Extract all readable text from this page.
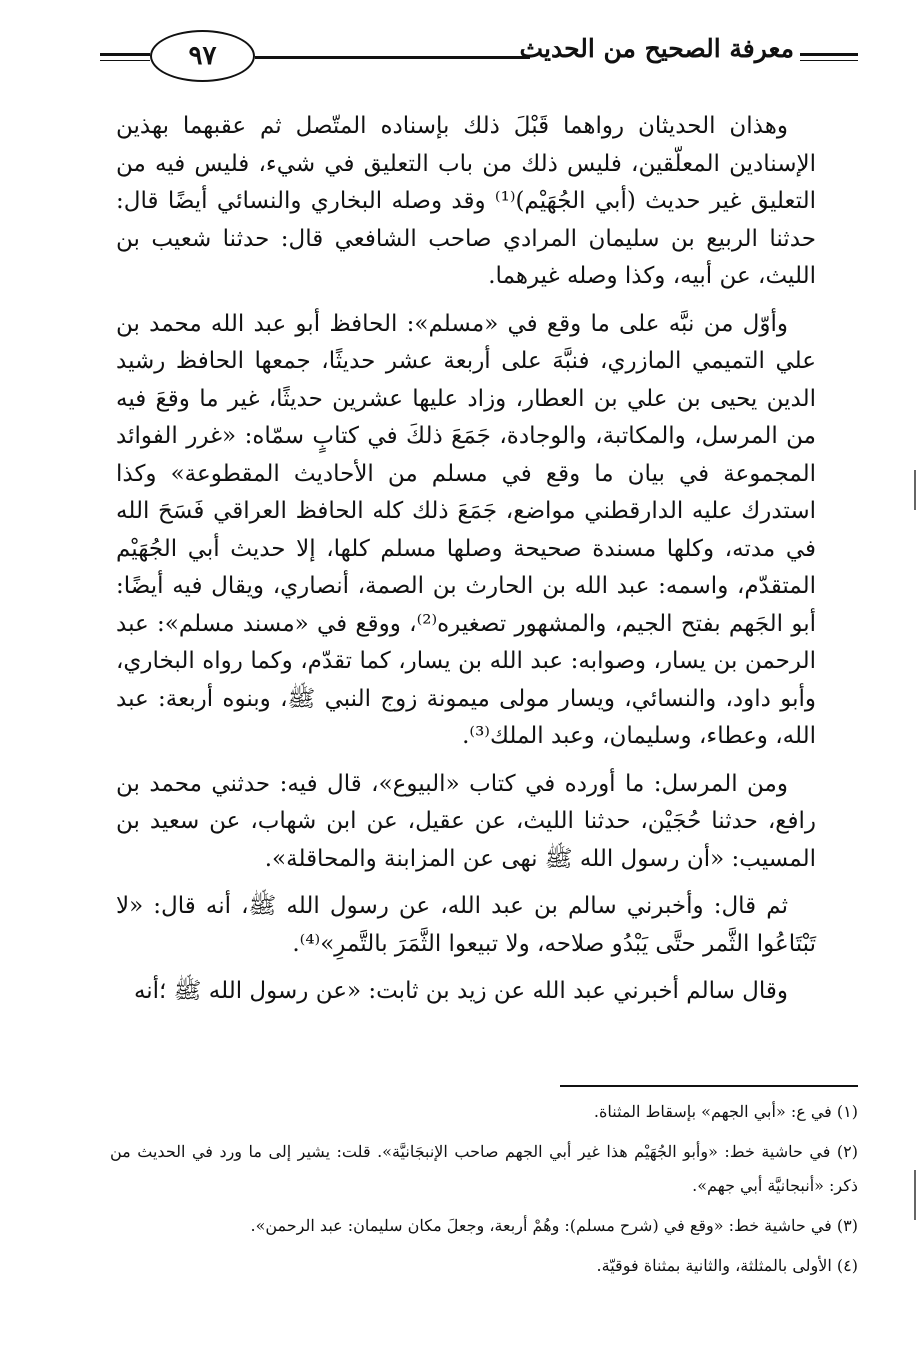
٩٧	معرفة الصحيح من الحديث

وهذان الحديثان رواهما قَبْلَ ذلك بإسناده المتّصل ثم عقبهما بهذين الإسنادين المعلّقين، فليس ذلك من باب التعليق في شيء، فليس فيه من التعليق غير حديث (أبي الجُهَيْم)⁽¹⁾ وقد وصله البخاري والنسائي أيضًا قال: حدثنا الربيع بن سليمان المرادي صاحب الشافعي قال: حدثنا شعيب بن الليث، عن أبيه، وكذا وصله غيرهما.

وأوّل من نبَّه على ما وقع في «مسلم»: الحافظ أبو عبد الله محمد بن علي التميمي المازري، فنبَّهَ على أربعة عشر حديثًا، جمعها الحافظ رشيد الدين يحيى بن علي بن العطار، وزاد عليها عشرين حديثًا، غير ما وقعَ فيه من المرسل، والمكاتبة، والوجادة، جَمَعَ ذلكَ في كتابٍ سمّاه: «غرر الفوائد المجموعة في بيان ما وقع في مسلم من الأحاديث المقطوعة» وكذا استدرك عليه الدارقطني مواضع، جَمَعَ ذلك كله الحافظ العراقي فَسَحَ الله في مدته، وكلها مسندة صحيحة وصلها مسلم كلها، إلا حديث أبي الجُهَيْم المتقدّم، واسمه: عبد الله بن الحارث بن الصمة، أنصاري، ويقال فيه أيضًا: أبو الجَهم بفتح الجيم، والمشهور تصغيره⁽²⁾، ووقع في «مسند مسلم»: عبد الرحمن بن يسار، وصوابه: عبد الله بن يسار، كما تقدّم، وكما رواه البخاري، وأبو داود، والنسائي، ويسار مولى ميمونة زوج النبي ﷺ، وبنوه أربعة: عبد الله، وعطاء، وسليمان، وعبد الملك⁽³⁾.

ومن المرسل: ما أورده في كتاب «البيوع»، قال فيه: حدثني محمد بن رافع، حدثنا حُجَيْن، حدثنا الليث، عن عقيل، عن ابن شهاب، عن سعيد بن المسيب: «أن رسول الله ﷺ نهى عن المزابنة والمحاقلة».

ثم قال: وأخبرني سالم بن عبد الله، عن رسول الله ﷺ، أنه قال: «لا تَبْتَاعُوا الثَّمر حتَّى يَبْدُو صلاحه، ولا تبيعوا الثَّمَرَ بالتَّمرِ»⁽⁴⁾.

وقال سالم أخبرني عبد الله عن زيد بن ثابت: «عن رسول الله ﷺ ؛أنه

(١) في ع: «أبي الجهم» بإسقاط المثناة.

(٢) في حاشية خط: «وأبو الجُهَيْم هذا غير أبي الجهم صاحب الإنبجَانيَّة». قلت: يشير إلى ما ورد في الحديث من ذكر: «أنبجانيَّة أبي جهم».

(٣) في حاشية خط: «وقع في (شرح مسلم): وهُمْ أربعة، وجعلَ مكان سليمان: عبد الرحمن».

(٤) الأولى بالمثلثة، والثانية بمثناة فوقيّة.
